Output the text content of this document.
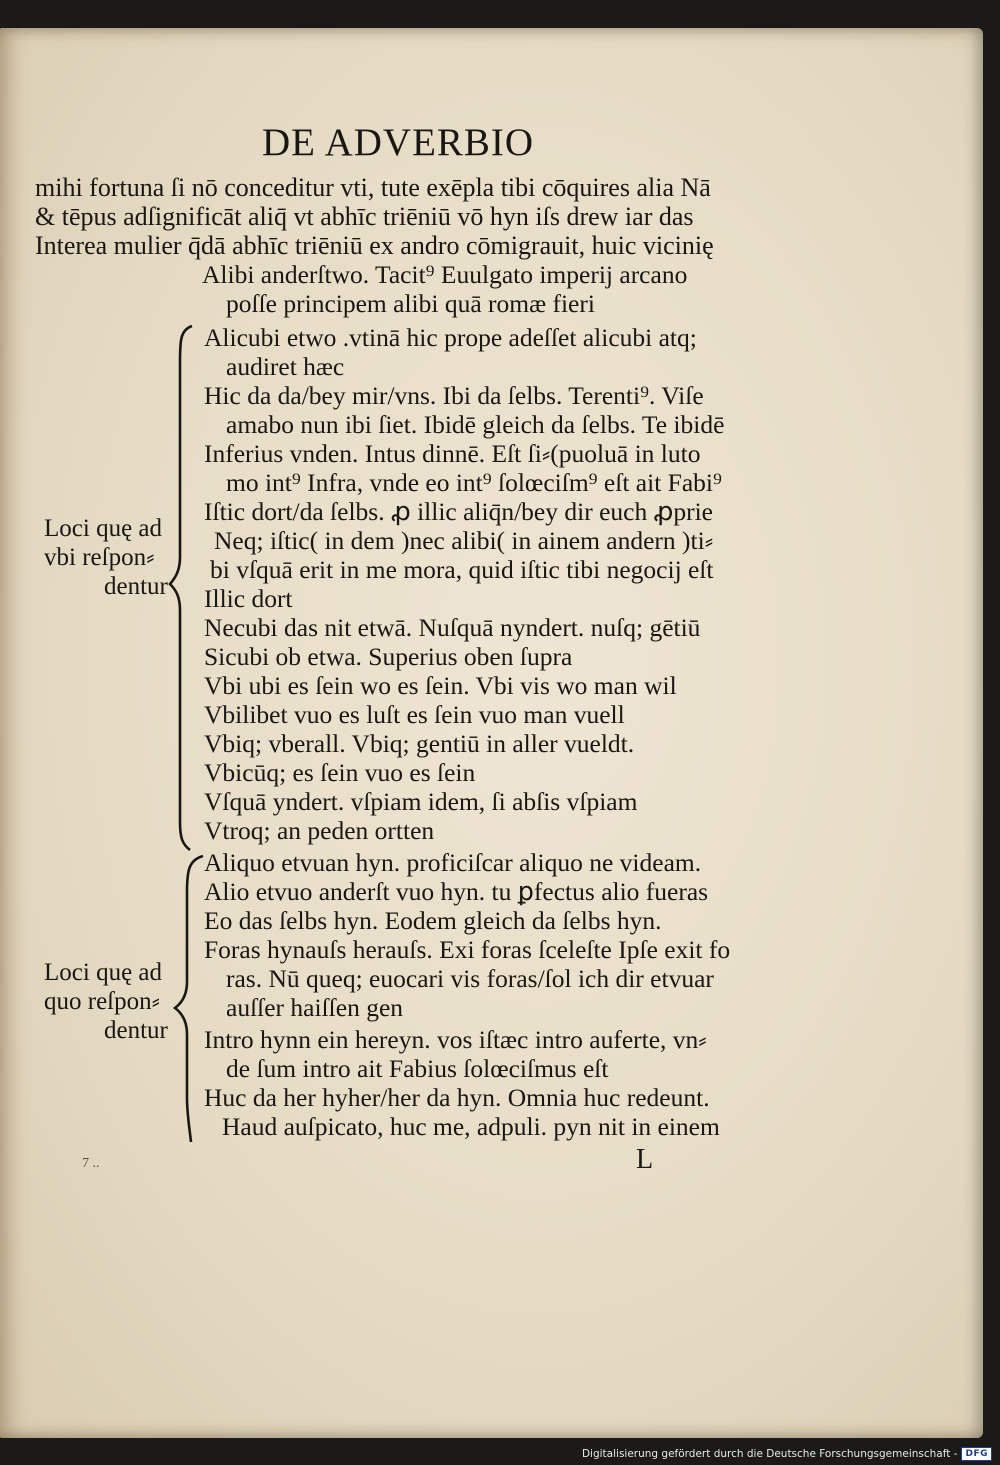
DE ADVERBIO
mihi fortuna ſi nō conceditur vti, tute exēpla tibi cōquires alia Nā
& tēpus adſignificāt aliq̄ vt abhīc triēniū vō hyn iſs drew iar das
Interea mulier q̄dā abhīc triēniū ex andro cōmigrauit, huic vicinię
Alibi anderſtwo. Tacit⁹ Euulgato imperij arcano
poſſe principem alibi quā romæ fieri
Alicubi etwo .vtinā hic prope adeſſet alicubi atq;
audiret hæc
Hic da da/bey mir/vns. Ibi da ſelbs. Terenti⁹. Viſe
amabo nun ibi ſiet. Ibidē gleich da ſelbs. Te ibidē
Inferius vnden. Intus dinnē. Eſt ſi⸗(puoluā in luto
mo int⁹ Infra, vnde eo int⁹ ſolœciſm⁹ eſt ait Fabi⁹
Iſtic dort/da ſelbs. ꝓ illic aliq̄n/bey dir euch ꝓprie
Neq; iſtic( in dem )nec alibi( in ainem andern )ti⸗
bi vſquā erit in me mora, quid iſtic tibi negocij eſt
Illic dort
Necubi das nit etwā. Nuſquā nyndert. nuſq; gētiū
Sicubi ob etwa. Superius oben ſupra
Vbi ubi es ſein wo es ſein. Vbi vis wo man wil
Vbilibet vuo es luſt es ſein vuo man vuell
Vbiq; vberall. Vbiq; gentiū in aller vueldt.
Vbicūq; es ſein vuo es ſein
Vſquā yndert. vſpiam idem, ſi abſis vſpiam
Vtroq; an peden ortten
Aliquo etvuan hyn. proficiſcar aliquo ne videam.
Alio etvuo anderſt vuo hyn. tu ꝑfectus alio fueras
Eo das ſelbs hyn. Eodem gleich da ſelbs hyn.
Foras hynauſs herauſs. Exi foras ſceleſte Ipſe exit fo
ras. Nū queq; euocari vis foras/ſol ich dir etvuar
auſſer haiſſen gen
Intro hynn ein hereyn. vos iſtæc intro auferte, vn⸗
de ſum intro ait Fabius ſolœciſmus eſt
Huc da her hyher/her da hyn. Omnia huc redeunt.
Haud auſpicato, huc me, adpuli. pyn nit in einem
Loci quę ad
vbi reſpon⸗
dentur
Loci quę ad
quo reſpon⸗
dentur
7 ..	L
Digitalisierung gefördert durch die Deutsche Forschungsgemeinschaft - DFG
